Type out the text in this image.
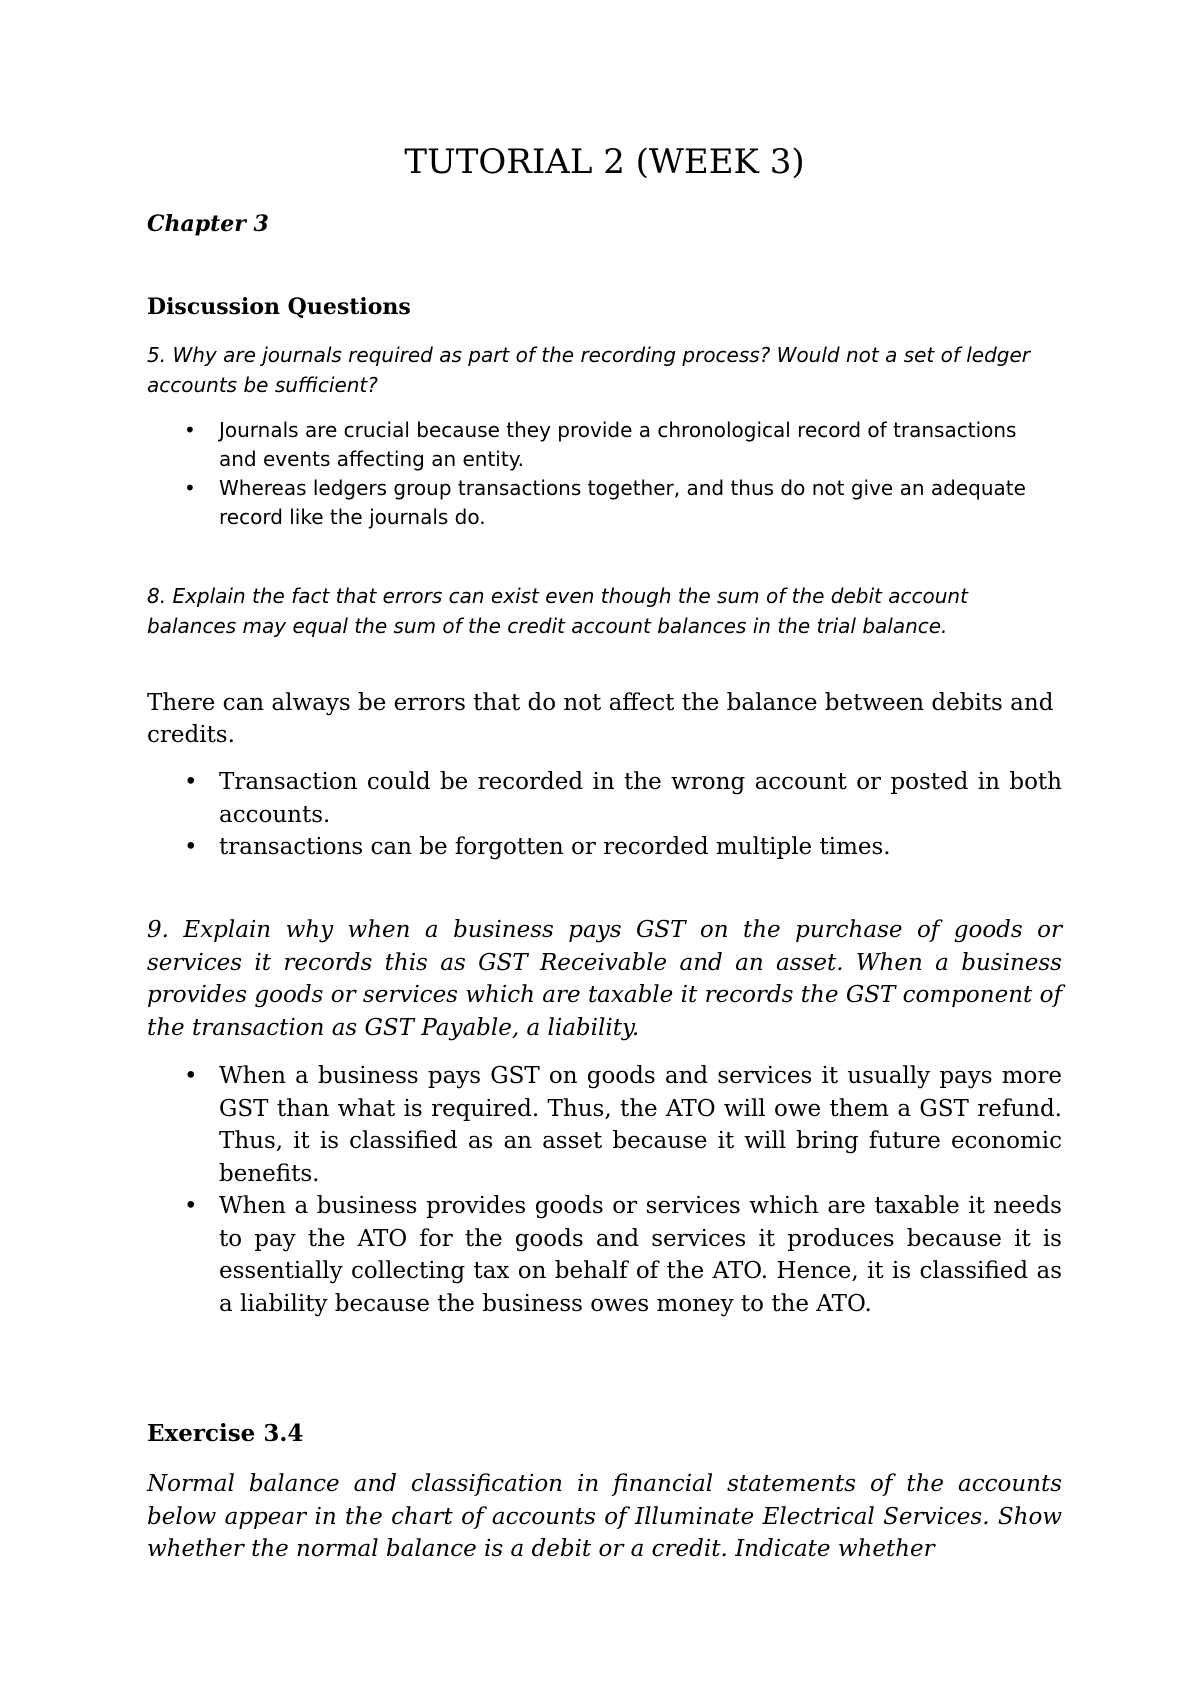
TUTORIAL 2 (WEEK 3)

Chapter 3

Discussion Questions

5. Why are journals required as part of the recording process? Would not a set of ledger accounts be sufficient?

• Journals are crucial because they provide a chronological record of transactions and events affecting an entity.
• Whereas ledgers group transactions together, and thus do not give an adequate record like the journals do.

8. Explain the fact that errors can exist even though the sum of the debit account balances may equal the sum of the credit account balances in the trial balance.

There can always be errors that do not affect the balance between debits and credits.

• Transaction could be recorded in the wrong account or posted in both accounts.
• transactions can be forgotten or recorded multiple times.

9. Explain why when a business pays GST on the purchase of goods or services it records this as GST Receivable and an asset. When a business provides goods or services which are taxable it records the GST component of the transaction as GST Payable, a liability.

• When a business pays GST on goods and services it usually pays more GST than what is required. Thus, the ATO will owe them a GST refund. Thus, it is classified as an asset because it will bring future economic benefits.
• When a business provides goods or services which are taxable it needs to pay the ATO for the goods and services it produces because it is essentially collecting tax on behalf of the ATO. Hence, it is classified as a liability because the business owes money to the ATO.

Exercise 3.4

Normal balance and classification in financial statements of the accounts below appear in the chart of accounts of Illuminate Electrical Services. Show whether the normal balance is a debit or a credit. Indicate whether
